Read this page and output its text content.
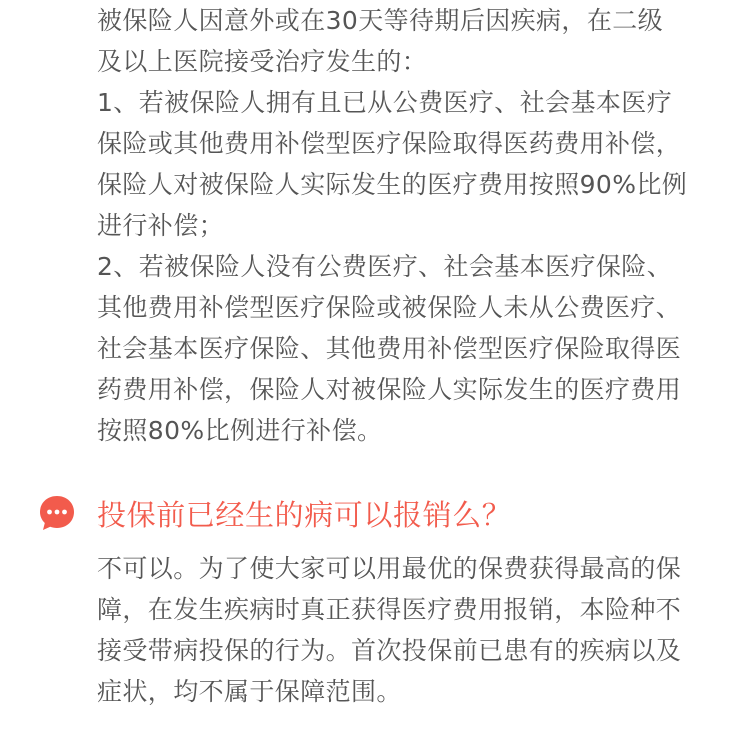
被保险人因意外或在30天等待期后因疾病，在二级
及以上医院接受治疗发生的：
1、若被保险人拥有且已从公费医疗、社会基本医疗
保险或其他费用补偿型医疗保险取得医药费用补偿，
保险人对被保险人实际发生的医疗费用按照90%比例
进行补偿；
2、若被保险人没有公费医疗、社会基本医疗保险、
其他费用补偿型医疗保险或被保险人未从公费医疗、
社会基本医疗保险、其他费用补偿型医疗保险取得医
药费用补偿，保险人对被保险人实际发生的医疗费用
按照80%比例进行补偿。
投保前已经生的病可以报销么？
不可以。为了使大家可以用最优的保费获得最高的保
障，在发生疾病时真正获得医疗费用报销，本险种不
接受带病投保的行为。首次投保前已患有的疾病以及
症状，均不属于保障范围。
